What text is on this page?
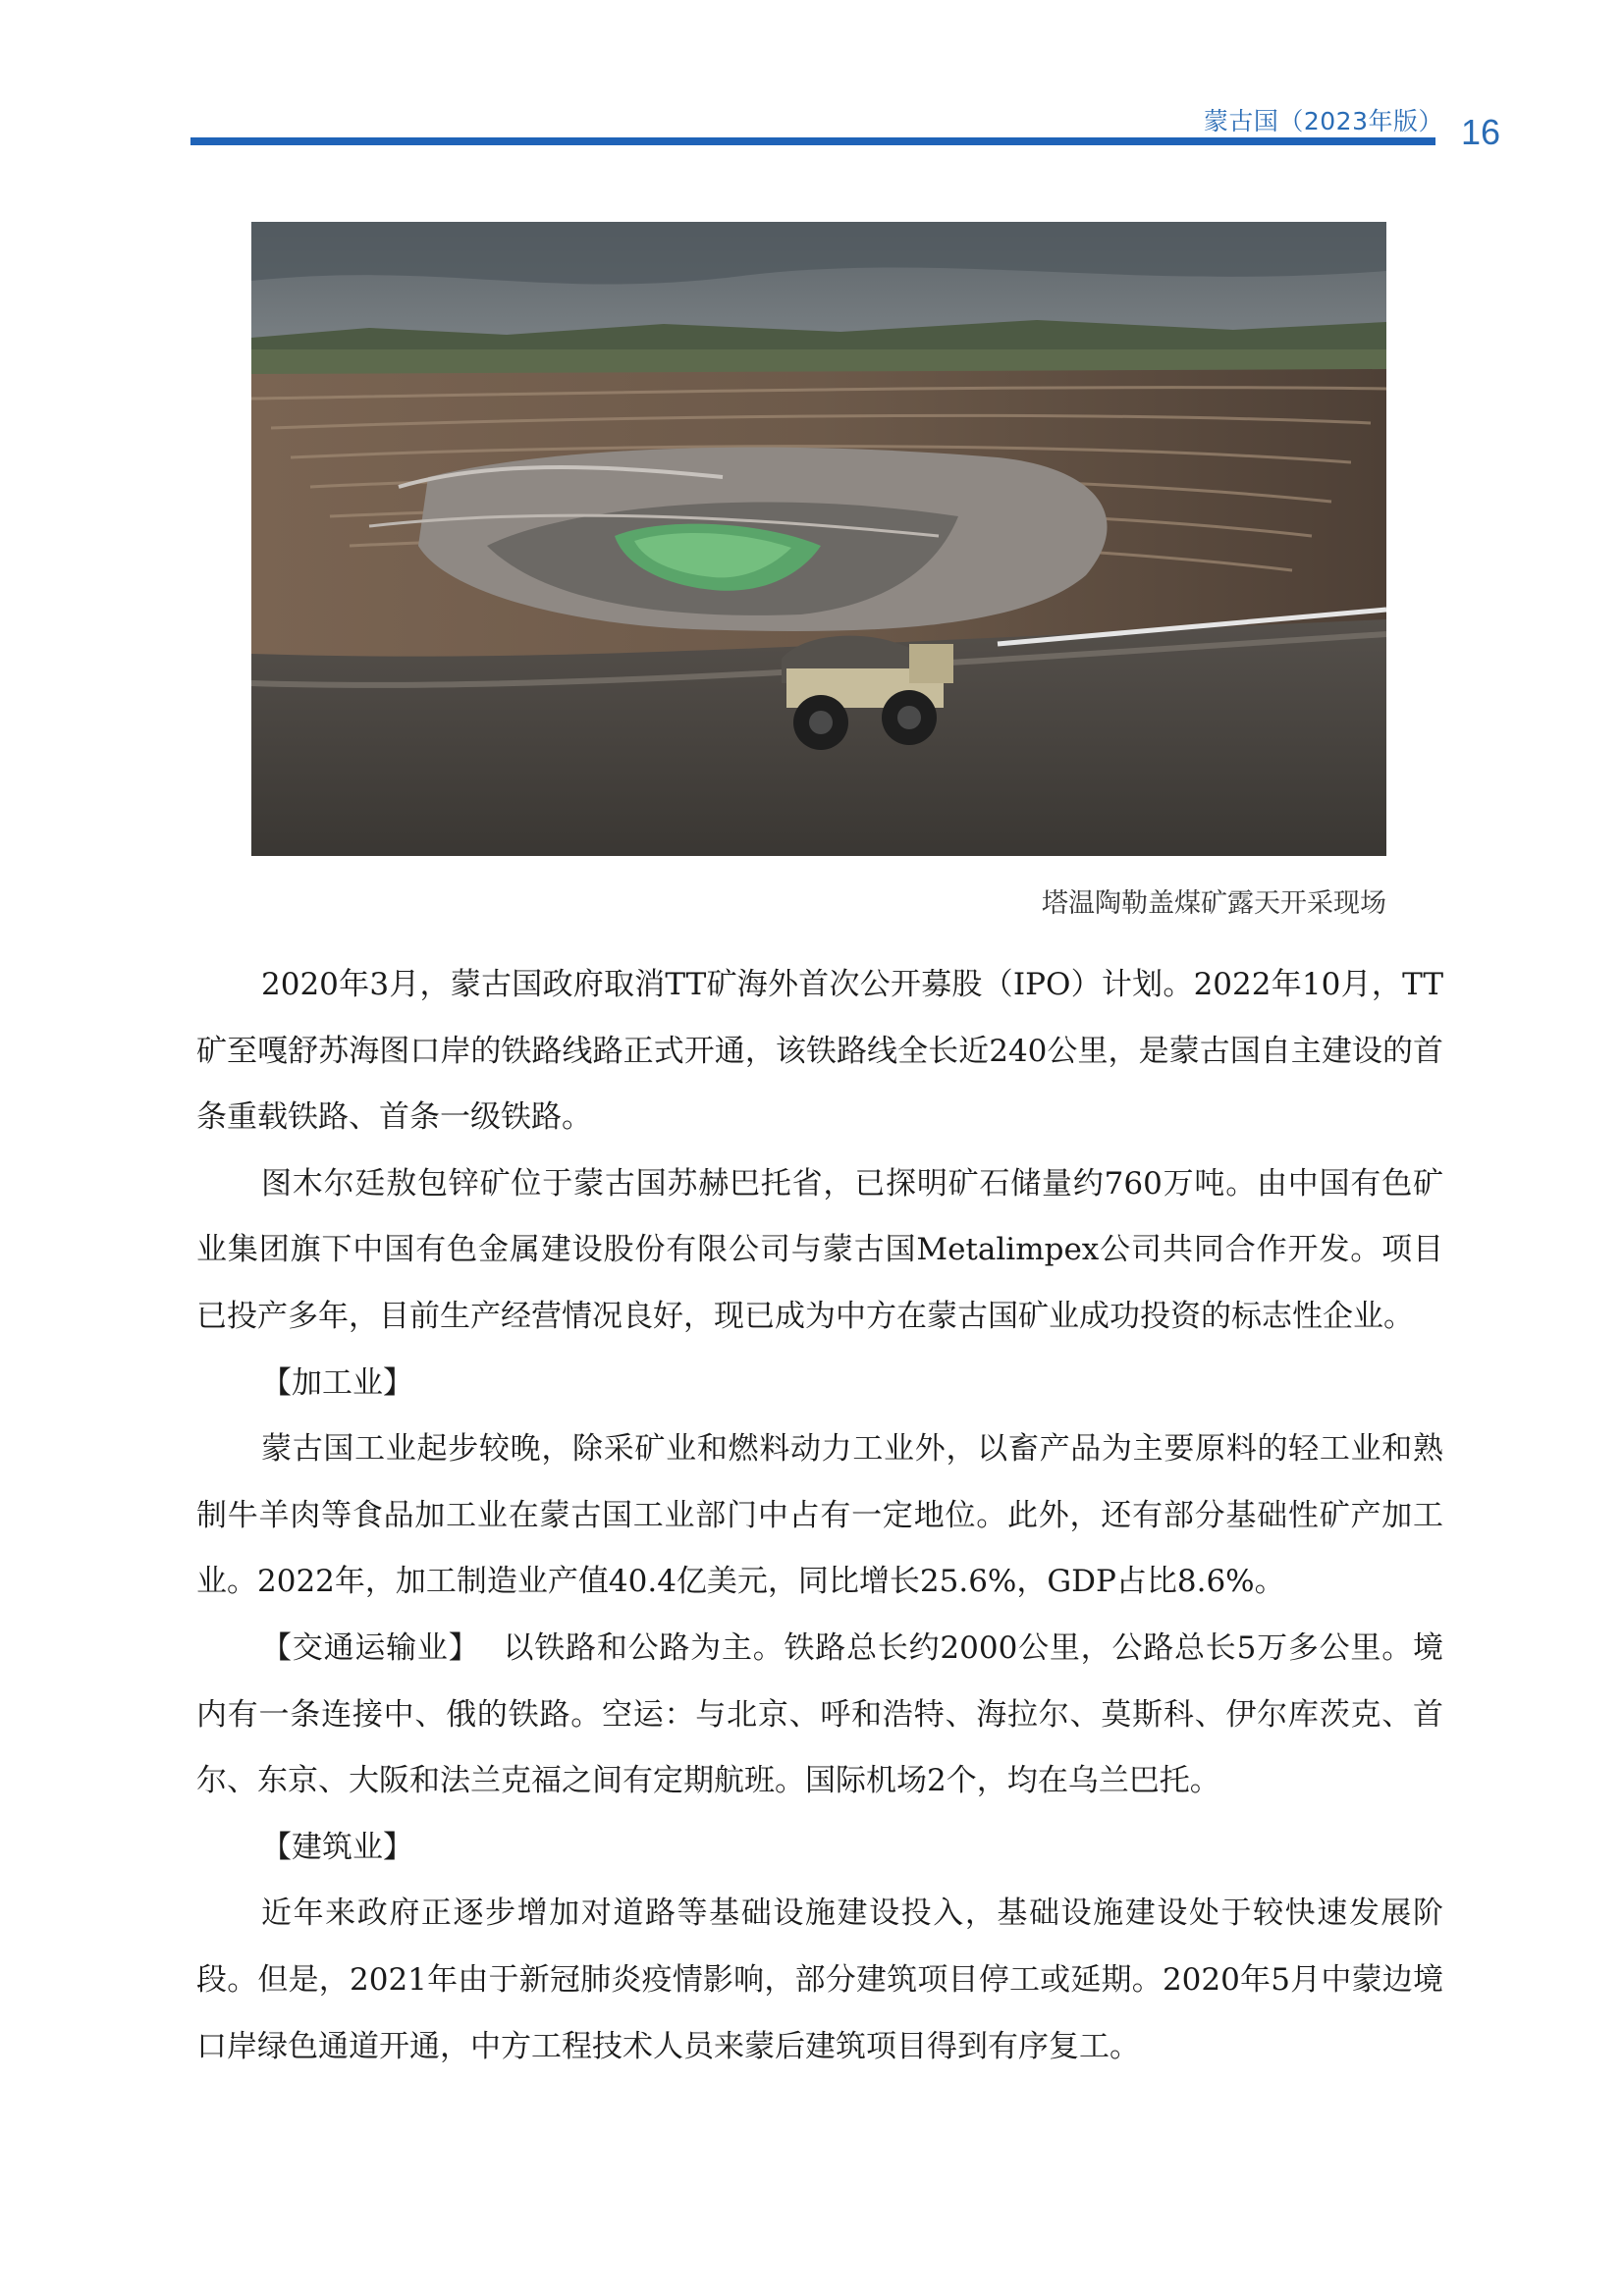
蒙古国（2023年版） 16
塔温陶勒盖煤矿露天开采现场

2020年3月，蒙古国政府取消TT矿海外首次公开募股（IPO）计划。2022年10月，TT矿至嘎舒苏海图口岸的铁路线路正式开通，该铁路线全长近240公里，是蒙古国自主建设的首条重载铁路、首条一级铁路。

图木尔廷敖包锌矿位于蒙古国苏赫巴托省，已探明矿石储量约760万吨。由中国有色矿业集团旗下中国有色金属建设股份有限公司与蒙古国Metalimpex公司共同合作开发。项目已投产多年，目前生产经营情况良好，现已成为中方在蒙古国矿业成功投资的标志性企业。

【加工业】

蒙古国工业起步较晚，除采矿业和燃料动力工业外，以畜产品为主要原料的轻工业和熟制牛羊肉等食品加工业在蒙古国工业部门中占有一定地位。此外，还有部分基础性矿产加工业。2022年，加工制造业产值40.4亿美元，同比增长25.6%，GDP占比8.6%。

【交通运输业】 以铁路和公路为主。铁路总长约2000公里，公路总长5万多公里。境内有一条连接中、俄的铁路。空运：与北京、呼和浩特、海拉尔、莫斯科、伊尔库茨克、首尔、东京、大阪和法兰克福之间有定期航班。国际机场2个，均在乌兰巴托。

【建筑业】

近年来政府正逐步增加对道路等基础设施建设投入，基础设施建设处于较快速发展阶段。但是，2021年由于新冠肺炎疫情影响，部分建筑项目停工或延期。2020年5月中蒙边境口岸绿色通道开通，中方工程技术人员来蒙后建筑项目得到有序复工。
